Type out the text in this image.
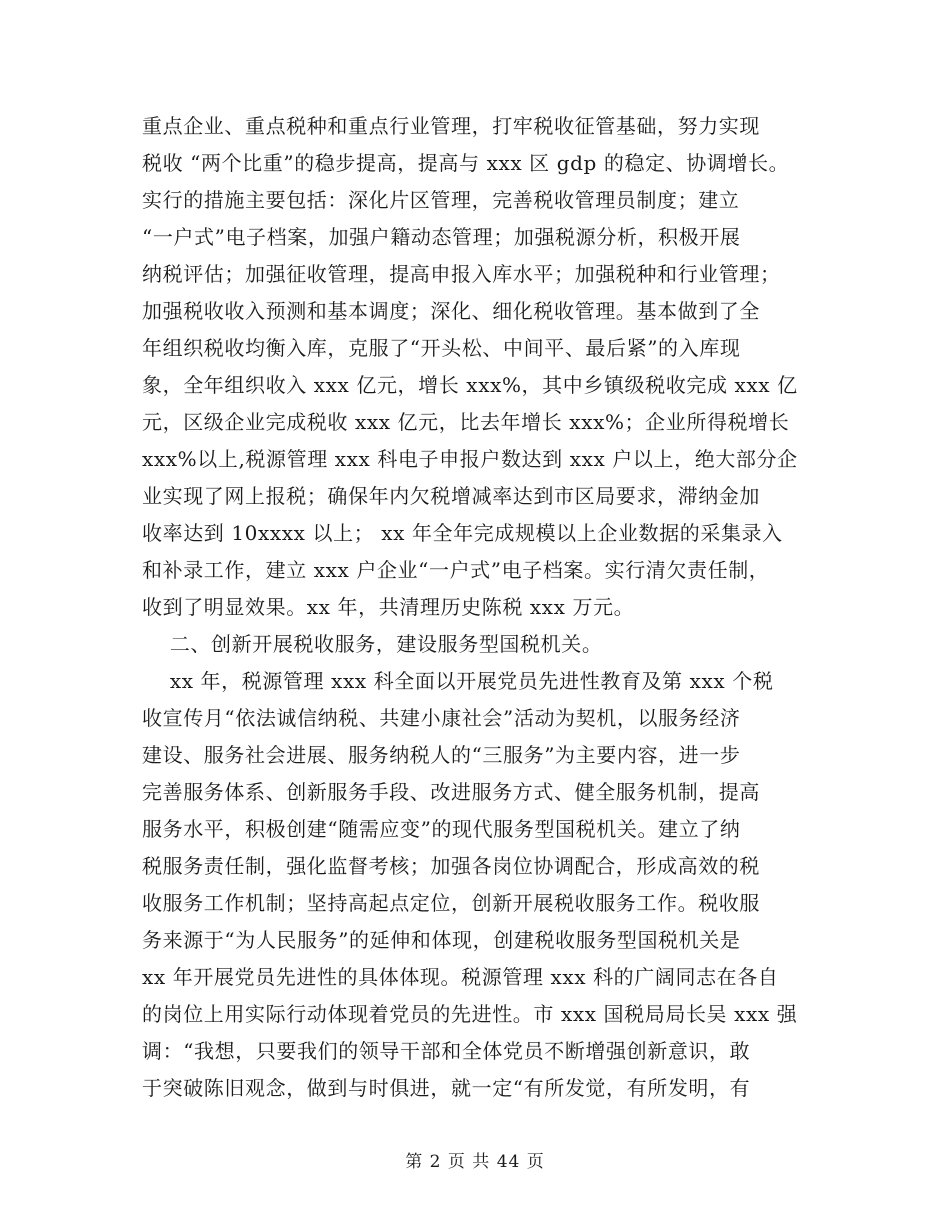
重点企业、重点税种和重点行业管理，打牢税收征管基础，努力实现
税收 “两个比重”的稳步提高，提高与 xxx 区 gdp 的稳定、协调增长。
实行的措施主要包括：深化片区管理，完善税收管理员制度；建立
“一户式”电子档案，加强户籍动态管理；加强税源分析，积极开展
纳税评估；加强征收管理，提高申报入库水平；加强税种和行业管理；
加强税收收入预测和基本调度；深化、细化税收管理。基本做到了全
年组织税收均衡入库，克服了“开头松、中间平、最后紧”的入库现
象，全年组织收入 xxx 亿元，增长 xxx%，其中乡镇级税收完成 xxx 亿
元，区级企业完成税收 xxx 亿元，比去年增长 xxx%；企业所得税增长
xxx%以上,税源管理 xxx 科电子申报户数达到 xxx 户以上，绝大部分企
业实现了网上报税；确保年内欠税增减率达到市区局要求，滞纳金加
收率达到 10xxxx 以上； xx 年全年完成规模以上企业数据的采集录入
和补录工作，建立 xxx 户企业“一户式”电子档案。实行清欠责任制，
收到了明显效果。xx 年，共清理历史陈税 xxx 万元。
二、创新开展税收服务，建设服务型国税机关。
xx 年，税源管理 xxx 科全面以开展党员先进性教育及第 xxx 个税
收宣传月“依法诚信纳税、共建小康社会”活动为契机，以服务经济
建设、服务社会进展、服务纳税人的“三服务”为主要内容，进一步
完善服务体系、创新服务手段、改进服务方式、健全服务机制，提高
服务水平，积极创建“随需应变”的现代服务型国税机关。建立了纳
税服务责任制，强化监督考核；加强各岗位协调配合，形成高效的税
收服务工作机制；坚持高起点定位，创新开展税收服务工作。税收服
务来源于“为人民服务”的延伸和体现，创建税收服务型国税机关是
xx 年开展党员先进性的具体体现。税源管理 xxx 科的广阔同志在各自
的岗位上用实际行动体现着党员的先进性。市 xxx 国税局局长吴 xxx 强
调：“我想，只要我们的领导干部和全体党员不断增强创新意识，敢
于突破陈旧观念，做到与时俱进，就一定“有所发觉，有所发明，有
第 2 页 共 44 页
